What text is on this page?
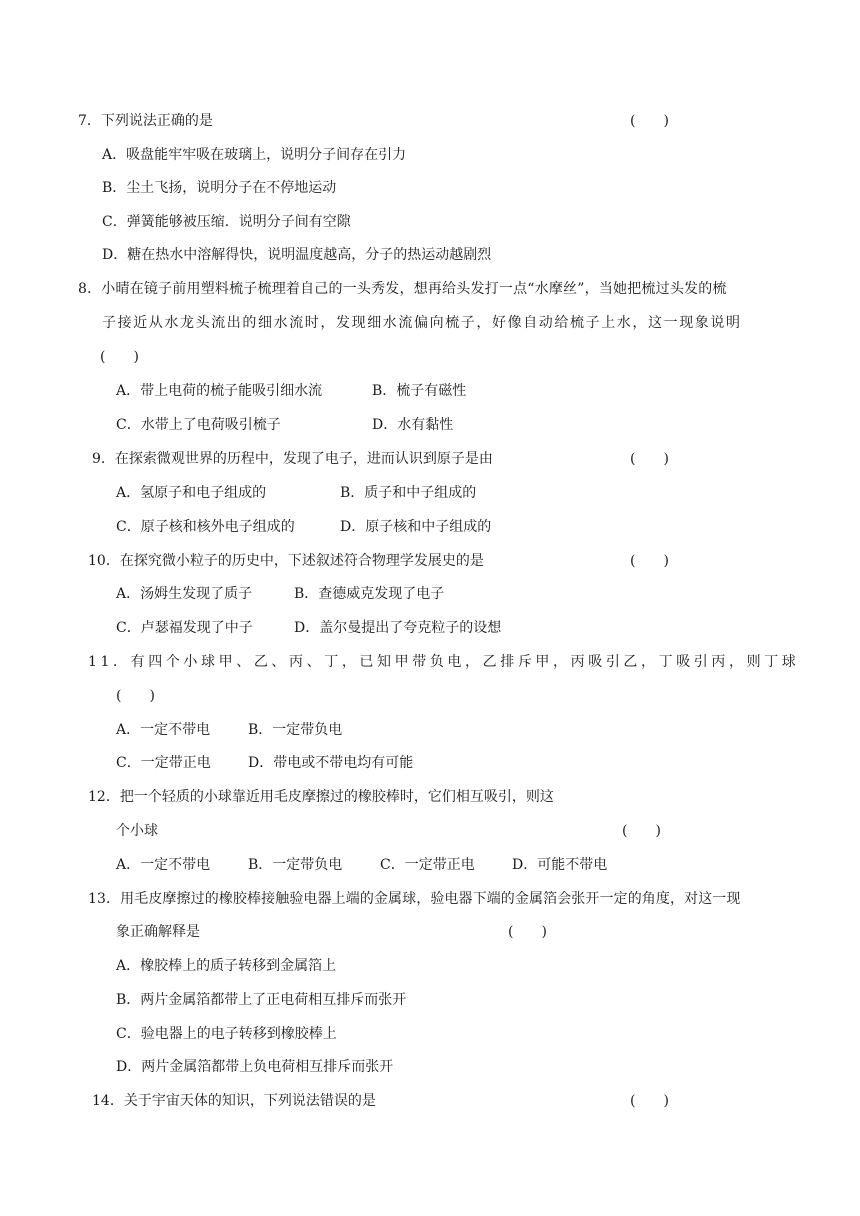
7．下列说法正确的是	(　　)
A．吸盘能牢牢吸在玻璃上，说明分子间存在引力
B．尘土飞扬，说明分子在不停地运动
C．弹簧能够被压缩．说明分子间有空隙
D．糖在热水中溶解得快，说明温度越高，分子的热运动越剧烈
8．小晴在镜子前用塑料梳子梳理着自己的一头秀发，想再给头发打一点“水摩丝”，当她把梳过头发的梳
子接近从水龙头流出的细水流时，发现细水流偏向梳子，好像自动给梳子上水，这一现象说明
(　　)
A．带上电荷的梳子能吸引细水流	B．梳子有磁性
C．水带上了电荷吸引梳子	D．水有黏性
9．在探索微观世界的历程中，发现了电子，进而认识到原子是由	(　　)
A．氢原子和电子组成的	B．质子和中子组成的
C．原子核和核外电子组成的	D．原子核和中子组成的
10．在探究微小粒子的历史中，下述叙述符合物理学发展史的是	(　　)
A．汤姆生发现了质子	B．查德威克发现了电子
C．卢瑟福发现了中子	D．盖尔曼提出了夸克粒子的设想
11．有四个小球甲、乙、丙、丁，已知甲带负电，乙排斥甲，丙吸引乙，丁吸引丙，则丁球
(　　)
A．一定不带电	B．一定带负电
C．一定带正电	D．带电或不带电均有可能
12．把一个轻质的小球靠近用毛皮摩擦过的橡胶棒时，它们相互吸引，则这
个小球	(　　)
A．一定不带电	B．一定带负电	C．一定带正电	D．可能不带电
13．用毛皮摩擦过的橡胶棒接触验电器上端的金属球，验电器下端的金属箔会张开一定的角度，对这一现
象正确解释是	(　　)
A．橡胶棒上的质子转移到金属箔上
B．两片金属箔都带上了正电荷相互排斥而张开
C．验电器上的电子转移到橡胶棒上
D．两片金属箔都带上负电荷相互排斥而张开
14．关于宇宙天体的知识，下列说法错误的是	(　　)
